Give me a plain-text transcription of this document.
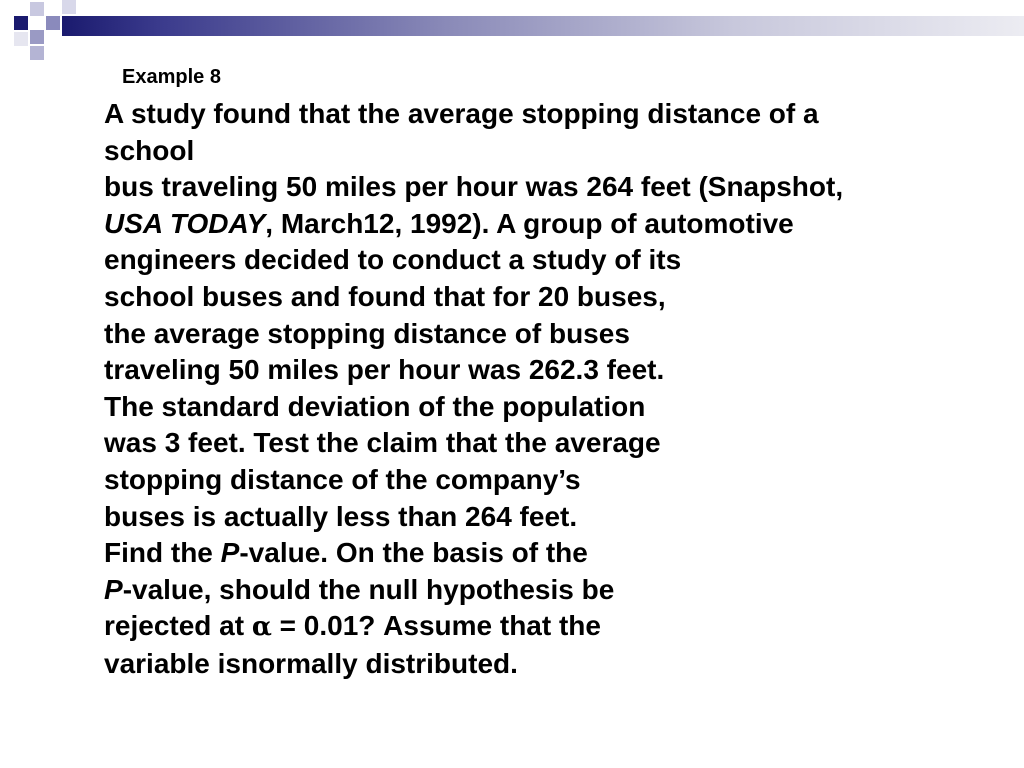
Example 8
A study found that the average stopping distance of a
school
bus traveling 50 miles per hour was 264 feet (Snapshot,
USA TODAY, March12, 1992). A group of automotive
engineers decided to conduct a study of its
school buses and found that for 20 buses,
the average stopping distance of buses
traveling 50 miles per hour was 262.3 feet.
The standard deviation of the population
was 3 feet. Test the claim that the average
stopping distance of the company’s
buses is actually less than 264 feet.
Find the P-value. On the basis of the
P-value, should the null hypothesis be
rejected at α = 0.01? Assume that the
variable isnormally distributed.
